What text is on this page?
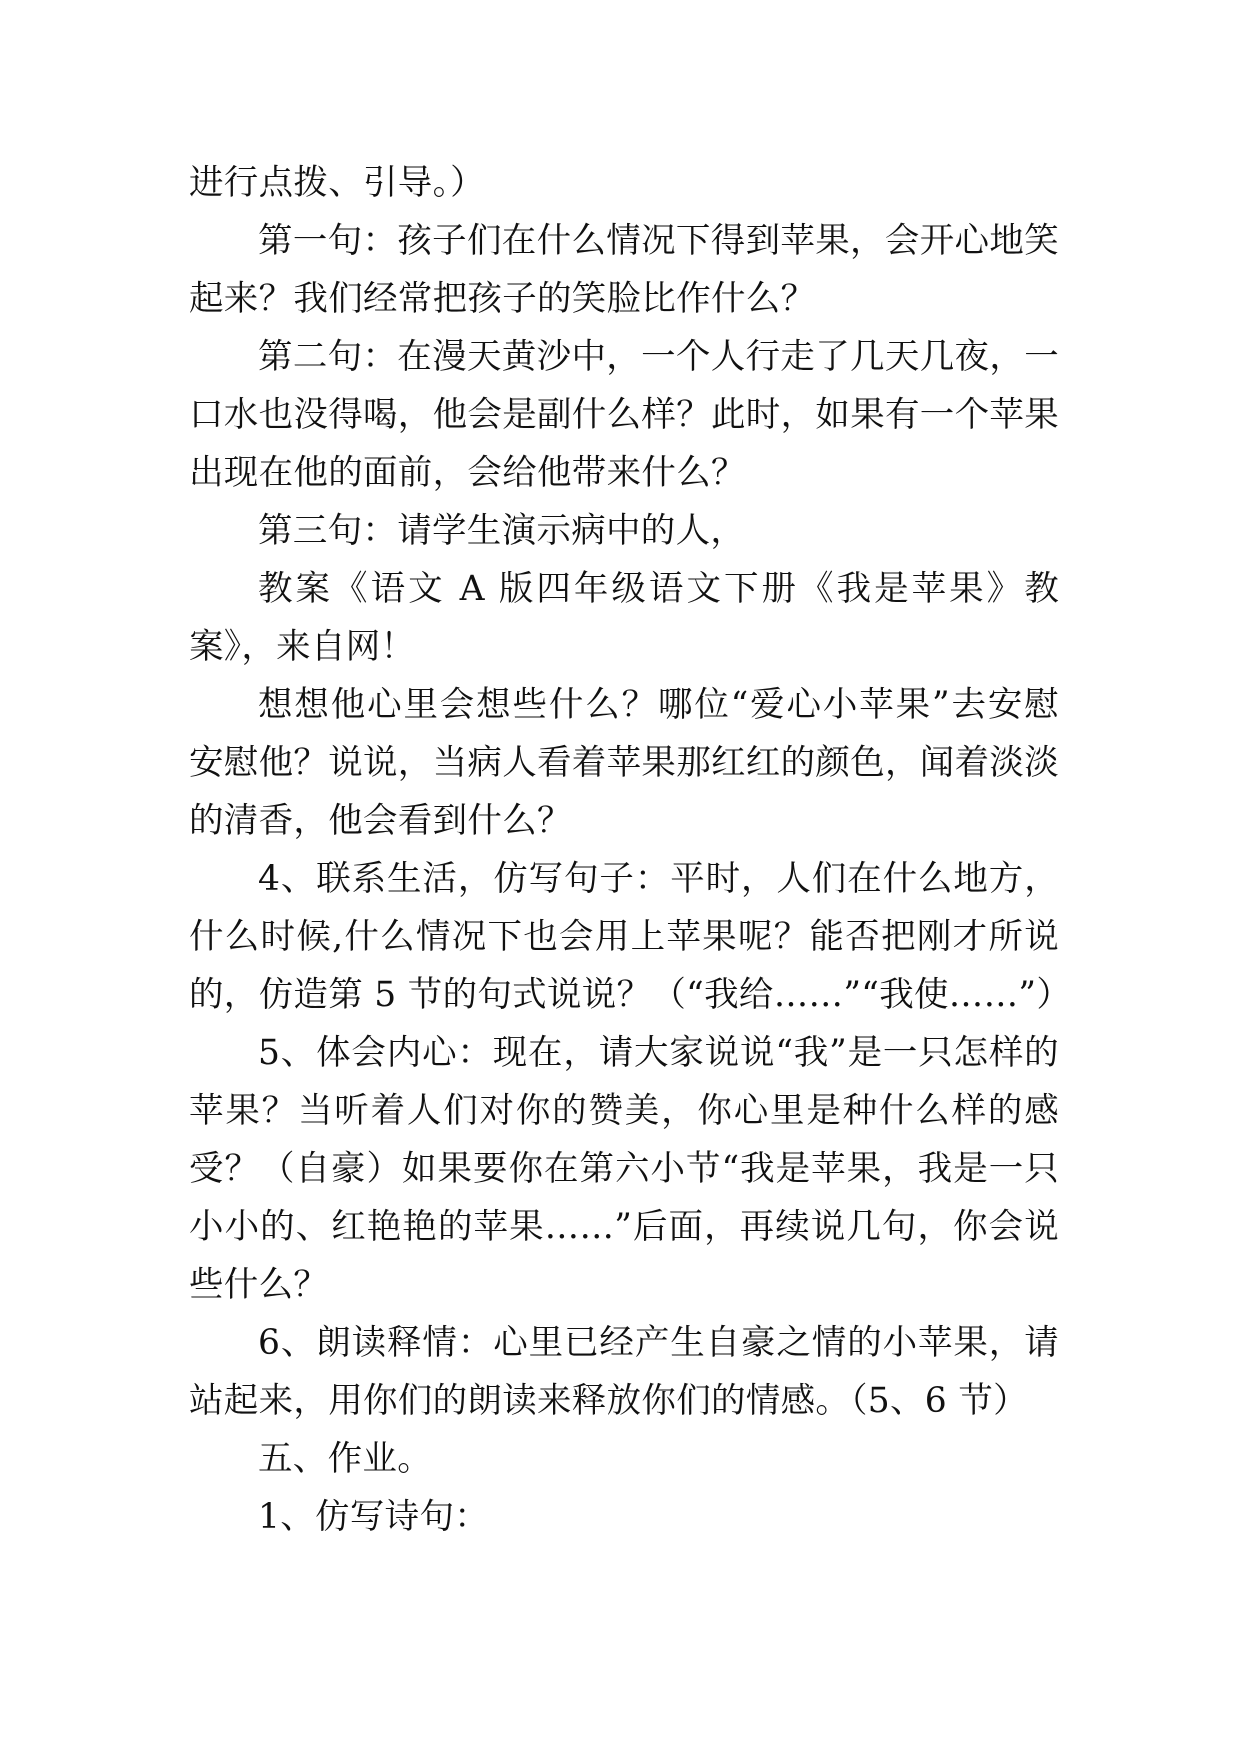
进行点拨、引导。）

第一句：孩子们在什么情况下得到苹果，会开心地笑起来？我们经常把孩子的笑脸比作什么？

第二句：在漫天黄沙中，一个人行走了几天几夜，一口水也没得喝，他会是副什么样？此时，如果有一个苹果出现在他的面前，会给他带来什么？

第三句：请学生演示病中的人，

教案《语文 A 版四年级语文下册《我是苹果》教案》，来自网！

想想他心里会想些什么？哪位“爱心小苹果”去安慰安慰他？说说，当病人看着苹果那红红的颜色，闻着淡淡的清香，他会看到什么？

4、联系生活，仿写句子：平时，人们在什么地方，什么时候,什么情况下也会用上苹果呢？能否把刚才所说的，仿造第 5 节的句式说说？（“我给……”“我使……”）

5、体会内心：现在，请大家说说“我”是一只怎样的苹果？当听着人们对你的赞美，你心里是种什么样的感受？（自豪）如果要你在第六小节“我是苹果，我是一只小小的、红艳艳的苹果……”后面，再续说几句，你会说些什么？

6、朗读释情：心里已经产生自豪之情的小苹果，请站起来，用你们的朗读来释放你们的情感。（5、6 节）

五、作业。

1、仿写诗句：
